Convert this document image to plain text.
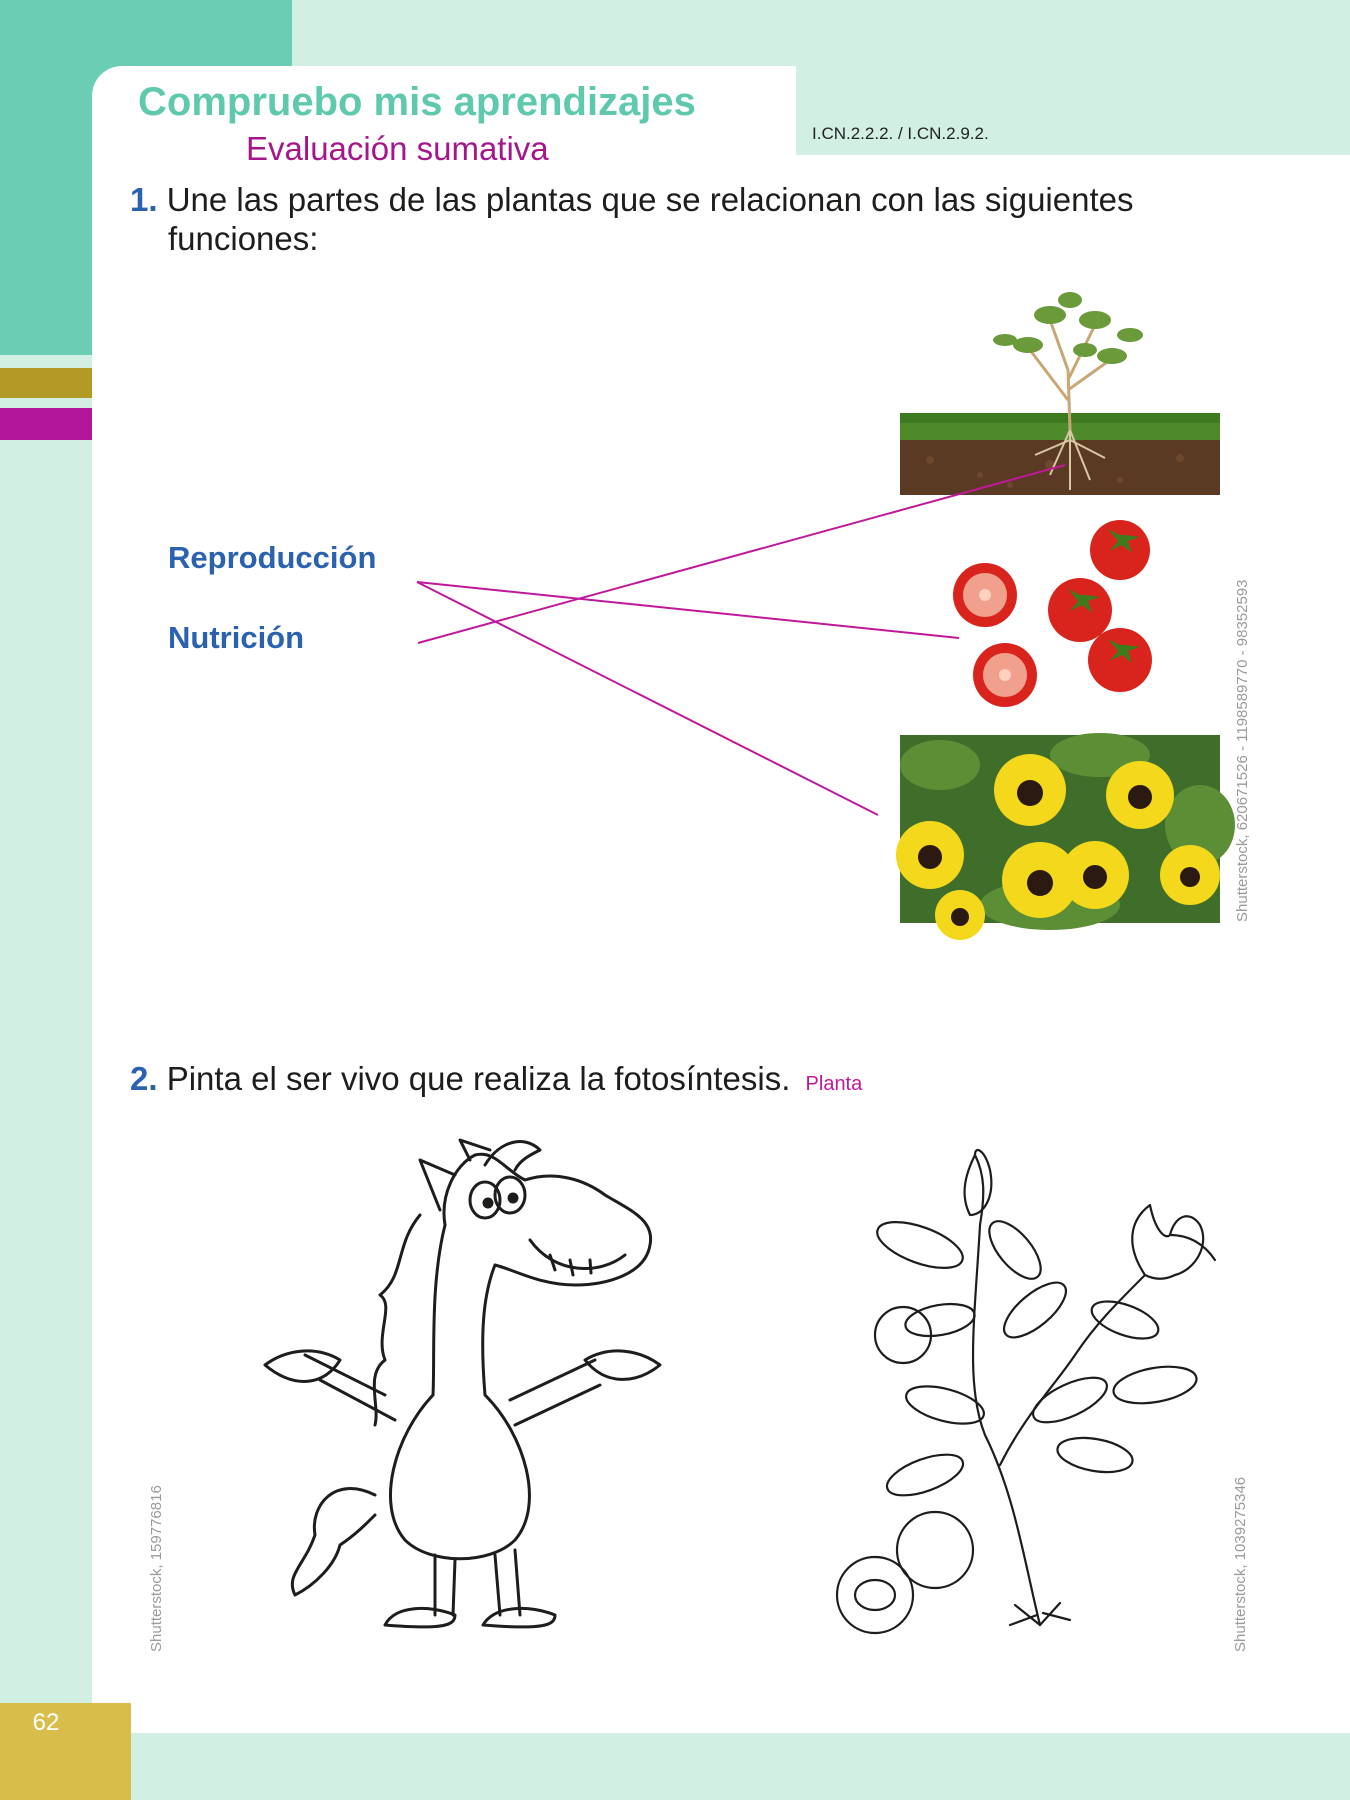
62
Compruebo mis aprendizajes
Evaluación sumativa	I.CN.2.2.2. / I.CN.2.9.2.
1. Une las partes de las plantas que se relacionan con las siguientes
funciones:
Reproducción
Nutrición	Shutterstock, 620671526 - 1198589770 - 98352593
2. Pinta el ser vivo que realiza la fotosíntesis. Planta
Shutterstock, 159776816	Shutterstock, 1039275346
